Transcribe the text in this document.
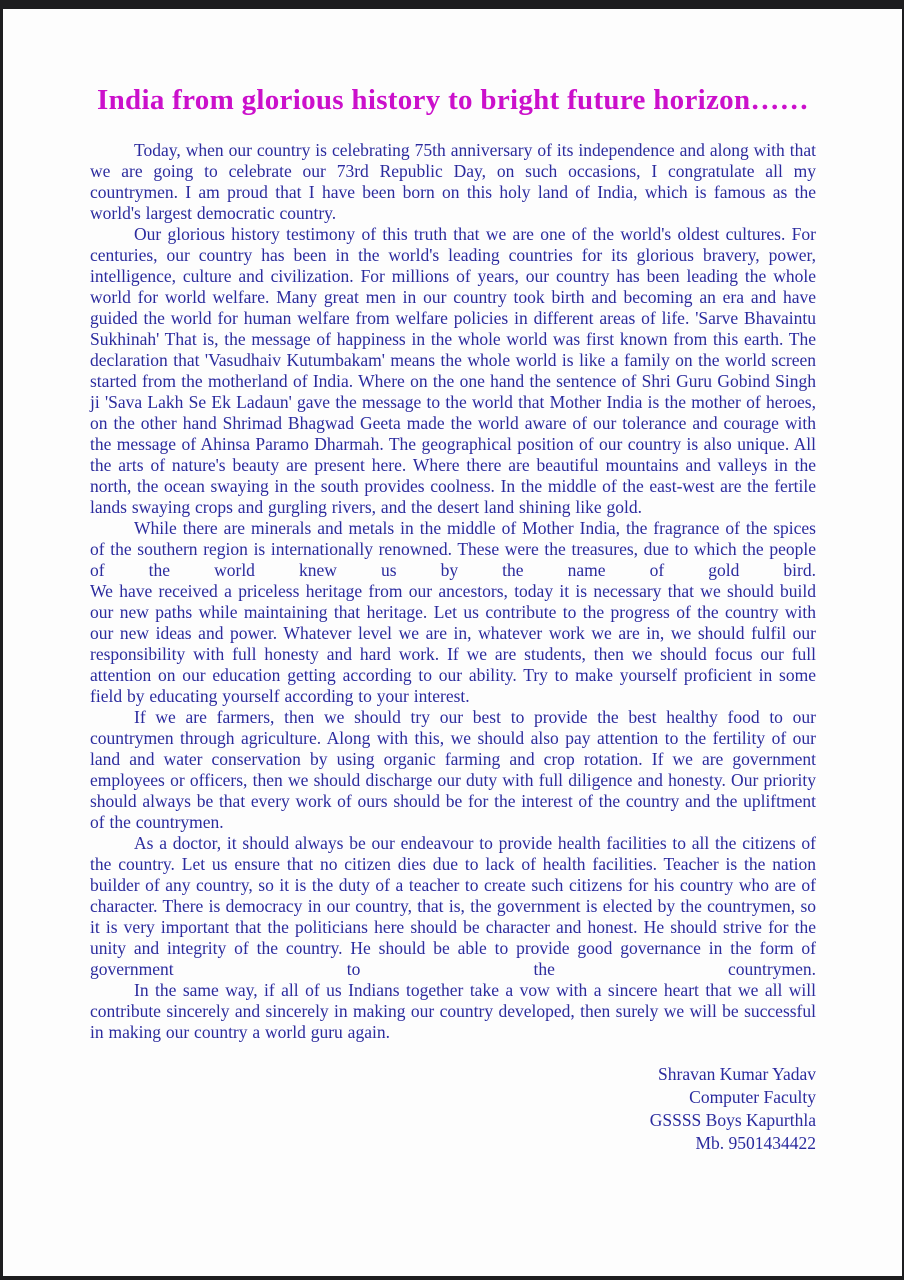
India from glorious history to bright future horizon……

Today, when our country is celebrating 75th anniversary of its independence and along with that we are going to celebrate our 73rd Republic Day, on such occasions, I congratulate all my countrymen. I am proud that I have been born on this holy land of India, which is famous as the world's largest democratic country.

Our glorious history testimony of this truth that we are one of the world's oldest cultures. For centuries, our country has been in the world's leading countries for its glorious bravery, power, intelligence, culture and civilization. For millions of years, our country has been leading the whole world for world welfare. Many great men in our country took birth and becoming an era and have guided the world for human welfare from welfare policies in different areas of life. 'Sarve Bhavaintu Sukhinah' That is, the message of happiness in the whole world was first known from this earth. The declaration that 'Vasudhaiv Kutumbakam' means the whole world is like a family on the world screen started from the motherland of India. Where on the one hand the sentence of Shri Guru Gobind Singh ji 'Sava Lakh Se Ek Ladaun' gave the message to the world that Mother India is the mother of heroes, on the other hand Shrimad Bhagwad Geeta made the world aware of our tolerance and courage with the message of Ahinsa Paramo Dharmah. The geographical position of our country is also unique. All the arts of nature's beauty are present here. Where there are beautiful mountains and valleys in the north, the ocean swaying in the south provides coolness. In the middle of the east-west are the fertile lands swaying crops and gurgling rivers, and the desert land shining like gold.

While there are minerals and metals in the middle of Mother India, the fragrance of the spices of the southern region is internationally renowned. These were the treasures, due to which the people of the world knew us by the name of gold bird.

We have received a priceless heritage from our ancestors, today it is necessary that we should build our new paths while maintaining that heritage. Let us contribute to the progress of the country with our new ideas and power. Whatever level we are in, whatever work we are in, we should fulfil our responsibility with full honesty and hard work. If we are students, then we should focus our full attention on our education getting according to our ability. Try to make yourself proficient in some field by educating yourself according to your interest.

If we are farmers, then we should try our best to provide the best healthy food to our countrymen through agriculture. Along with this, we should also pay attention to the fertility of our land and water conservation by using organic farming and crop rotation. If we are government employees or officers, then we should discharge our duty with full diligence and honesty. Our priority should always be that every work of ours should be for the interest of the country and the upliftment of the countrymen.

As a doctor, it should always be our endeavour to provide health facilities to all the citizens of the country. Let us ensure that no citizen dies due to lack of health facilities. Teacher is the nation builder of any country, so it is the duty of a teacher to create such citizens for his country who are of character. There is democracy in our country, that is, the government is elected by the countrymen, so it is very important that the politicians here should be character and honest. He should strive for the unity and integrity of the country. He should be able to provide good governance in the form of government to the countrymen.

In the same way, if all of us Indians together take a vow with a sincere heart that we all will contribute sincerely and sincerely in making our country developed, then surely we will be successful in making our country a world guru again.

Shravan Kumar Yadav
Computer Faculty
GSSSS Boys Kapurthla
Mb. 9501434422
